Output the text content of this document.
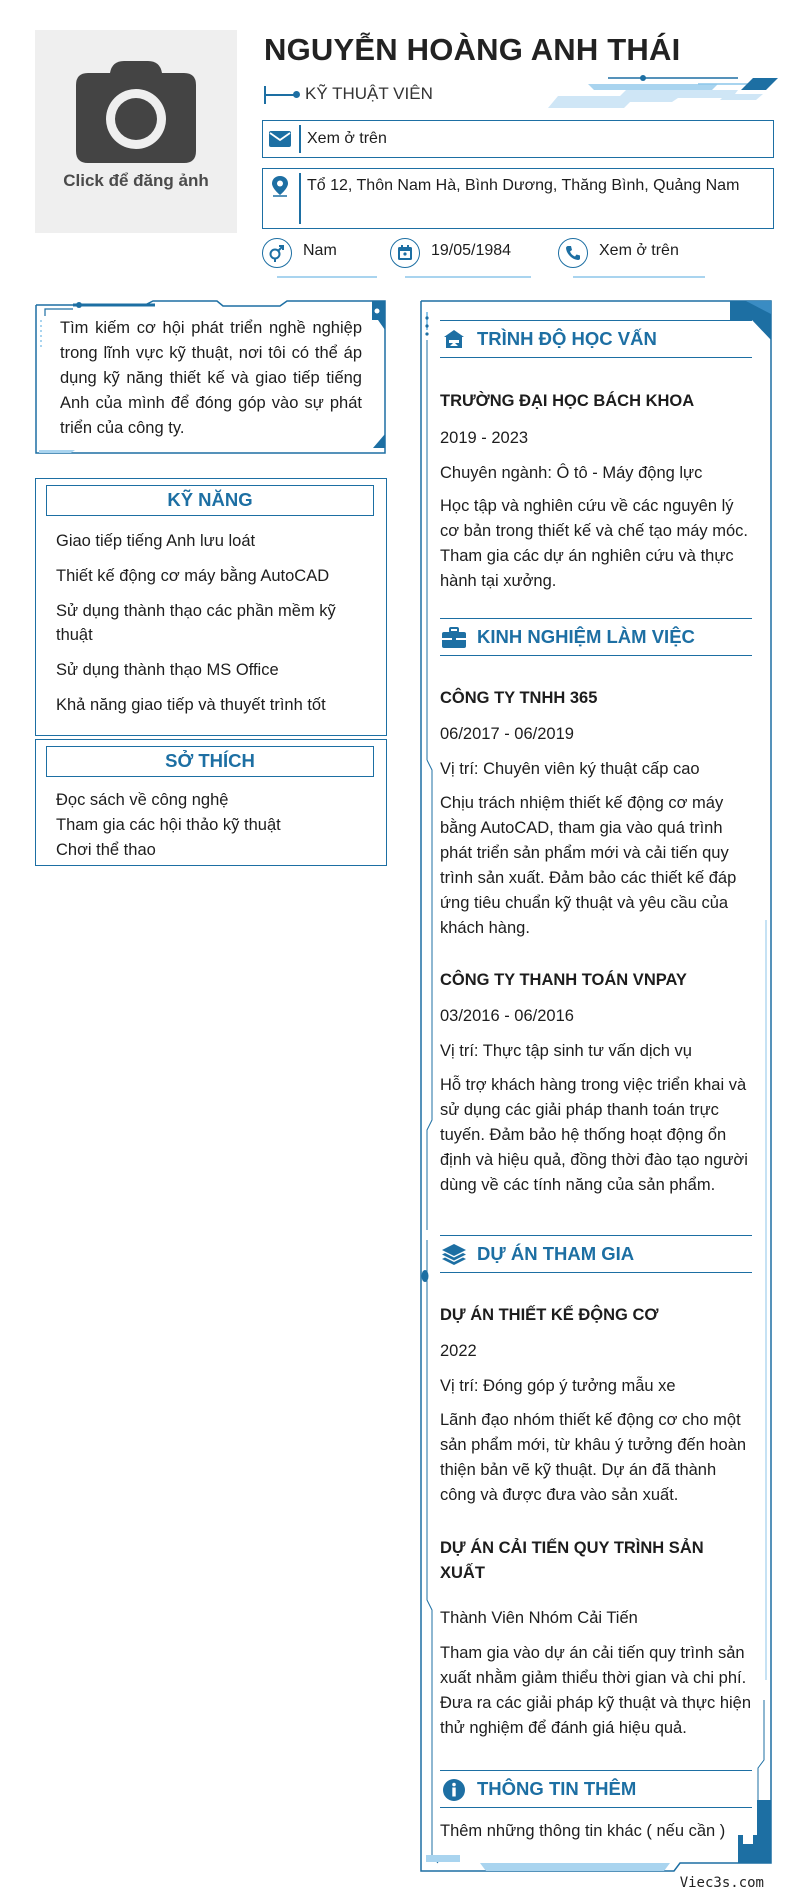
Click để đăng ảnh
NGUYỄN HOÀNG ANH THÁI
KỸ THUẬT VIÊN
Xem ở trên
Tổ 12, Thôn Nam Hà, Bình Dương, Thăng Bình, Quảng Nam
Nam	19/05/1984	Xem ở trên
Tìm kiếm cơ hội phát triển nghề nghiệp trong lĩnh vực kỹ thuật, nơi tôi có thể áp dụng kỹ năng thiết kế và giao tiếp tiếng Anh của mình để đóng góp vào sự phát triển của công ty.
KỸ NĂNG
Giao tiếp tiếng Anh lưu loát
Thiết kế động cơ máy bằng AutoCAD
Sử dụng thành thạo các phần mềm kỹ thuật
Sử dụng thành thạo MS Office
Khả năng giao tiếp và thuyết trình tốt
SỞ THÍCH
Đọc sách về công nghệ
Tham gia các hội thảo kỹ thuật
Chơi thể thao
TRÌNH ĐỘ HỌC VẤN
TRƯỜNG ĐẠI HỌC BÁCH KHOA
2019 - 2023
Chuyên ngành: Ô tô - Máy động lực
Học tập và nghiên cứu về các nguyên lý cơ bản trong thiết kế và chế tạo máy móc. Tham gia các dự án nghiên cứu và thực hành tại xưởng.
KINH NGHIỆM LÀM VIỆC
CÔNG TY TNHH 365
06/2017 - 06/2019
Vị trí: Chuyên viên ký thuật cấp cao
Chịu trách nhiệm thiết kế động cơ máy bằng AutoCAD, tham gia vào quá trình phát triển sản phẩm mới và cải tiến quy trình sản xuất. Đảm bảo các thiết kế đáp ứng tiêu chuẩn kỹ thuật và yêu cầu của khách hàng.
CÔNG TY THANH TOÁN VNPAY
03/2016 - 06/2016
Vị trí: Thực tập sinh tư vấn dịch vụ
Hỗ trợ khách hàng trong việc triển khai và sử dụng các giải pháp thanh toán trực tuyến. Đảm bảo hệ thống hoạt động ổn định và hiệu quả, đồng thời đào tạo người dùng về các tính năng của sản phẩm.
DỰ ÁN THAM GIA
DỰ ÁN THIẾT KẾ ĐỘNG CƠ
2022
Vị trí: Đóng góp ý tưởng mẫu xe
Lãnh đạo nhóm thiết kế động cơ cho một sản phẩm mới, từ khâu ý tưởng đến hoàn thiện bản vẽ kỹ thuật. Dự án đã thành công và được đưa vào sản xuất.
DỰ ÁN CẢI TIẾN QUY TRÌNH SẢN XUẤT
Thành Viên Nhóm Cải Tiến
Tham gia vào dự án cải tiến quy trình sản xuất nhằm giảm thiểu thời gian và chi phí. Đưa ra các giải pháp kỹ thuật và thực hiện thử nghiệm để đánh giá hiệu quả.
THÔNG TIN THÊM
Thêm những thông tin khác ( nếu cần )
Viec3s.com
